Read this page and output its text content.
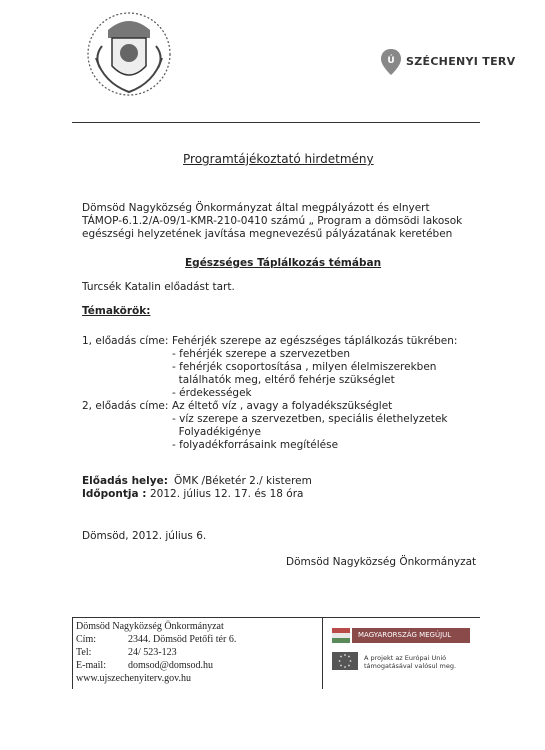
Ú SZÉCHENYI TERV
Programtájékoztató hirdetmény
Dömsöd Nagyközség Önkormányzat által megpályázott és elnyert
TÁMOP-6.1.2/A-09/1-KMR-210-0410 számú „ Program a dömsödi lakosok
egészségi helyzetének javítása megnevezésű pályázatának keretében
Egészséges Táplálkozás témában
Turcsék Katalin előadást tart.
Témakörök:
1, előadás címe: Fehérjék szerepe az egészséges táplálkozás tükrében:
- fehérjék szerepe a szervezetben
- fehérjék csoportosítása , milyen élelmiszerekben
találhatók meg, eltérő fehérje szükséglet
- érdekességek
2, előadás címe: Az éltető víz , avagy a folyadékszükséglet
- víz szerepe a szervezetben, speciális élethelyzetek
Folyadékigénye
- folyadékforrásaink megítélése
Előadás helye: ÖMK /Béketér 2./ kisterem
Időpontja : 2012. július 12. 17. és 18 óra
Dömsöd, 2012. július 6.
Dömsöd Nagyközség Önkormányzat
Dömsöd Nagyközség Önkormányzat
Cím:	2344. Dömsöd Petőfi tér 6.
Tel:	24/ 523-123
E-mail: domsod@domsod.hu
www.ujszechenyiterv.gov.hu
MAGYARORSZÁG MEGÚJUL
A projekt az Európai Unió
támogatásával valósul meg.
